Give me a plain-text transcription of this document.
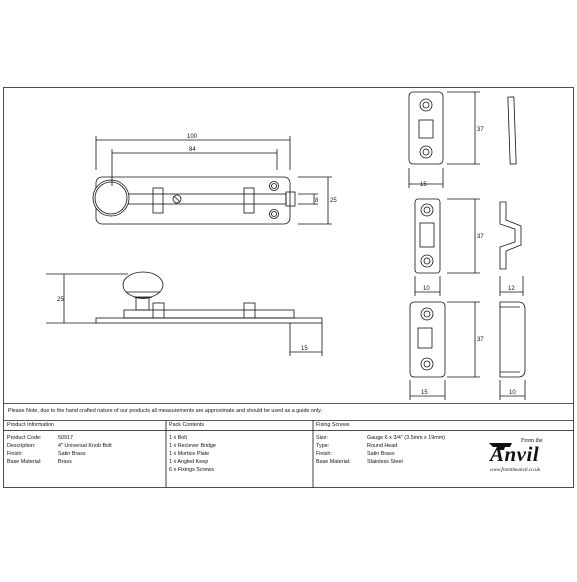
100
84
8 25
25
15
37
15
37
10	12
37
15	10
Please Note, due to the hand crafted nature of our products all measurements are approximate and should be used as a guide only.
Product Information
Product Code:	50917
Description:	4" Universal Knob Bolt
Finish:	Satin Brass
Base Material:	Brass
Pack Contents
1 x Bolt
1 x Reciever Bridge
1 x Mortice Plate
1 x Angled Keep
6 x Fixings Screws
Fixing Screws
Size:	Gauge 6 x 3/4" (3.5mm x 19mm)
Type:	Round Head
Finish:	Satin Brass
Base Material:	Stainless Steel
From the
Anvil
www.fromtheanvil.co.uk
